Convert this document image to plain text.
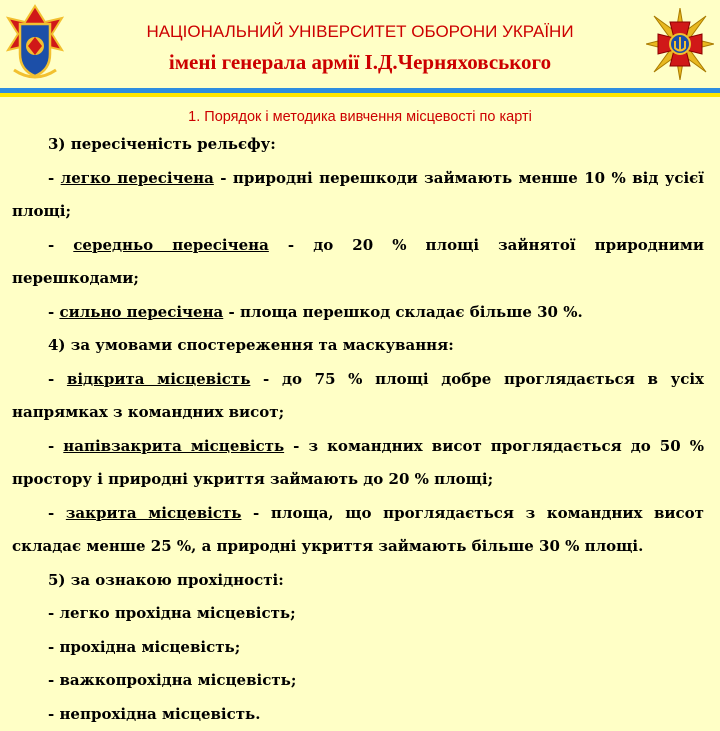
НАЦІОНАЛЬНИЙ УНІВЕРСИТЕТ ОБОРОНИ УКРАЇНИ
імені генерала армії І.Д.Черняховського
1. Порядок і методика вивчення місцевості по карті

3) пересіченість рельєфу:

- легко пересічена - природні перешкоди займають менше 10 % від усієї площі;

- середньо пересічена - до 20 % площі зайнятої природними перешкодами;

- сильно пересічена - площа перешкод складає більше 30 %.

4) за умовами спостереження та маскування:

- відкрита місцевість - до 75 % площі добре проглядається в усіх напрямках з командних висот;

- напівзакрита місцевість - з командних висот проглядається до 50 % простору і природні укриття займають до 20 % площі;

- закрита місцевість - площа, що проглядається з командних висот складає менше 25 %, а природні укриття займають більше 30 % площі.

5) за ознакою прохідності:

- легко прохідна місцевість;

- прохідна місцевість;

- важкопрохідна місцевість;

- непрохідна місцевість.
